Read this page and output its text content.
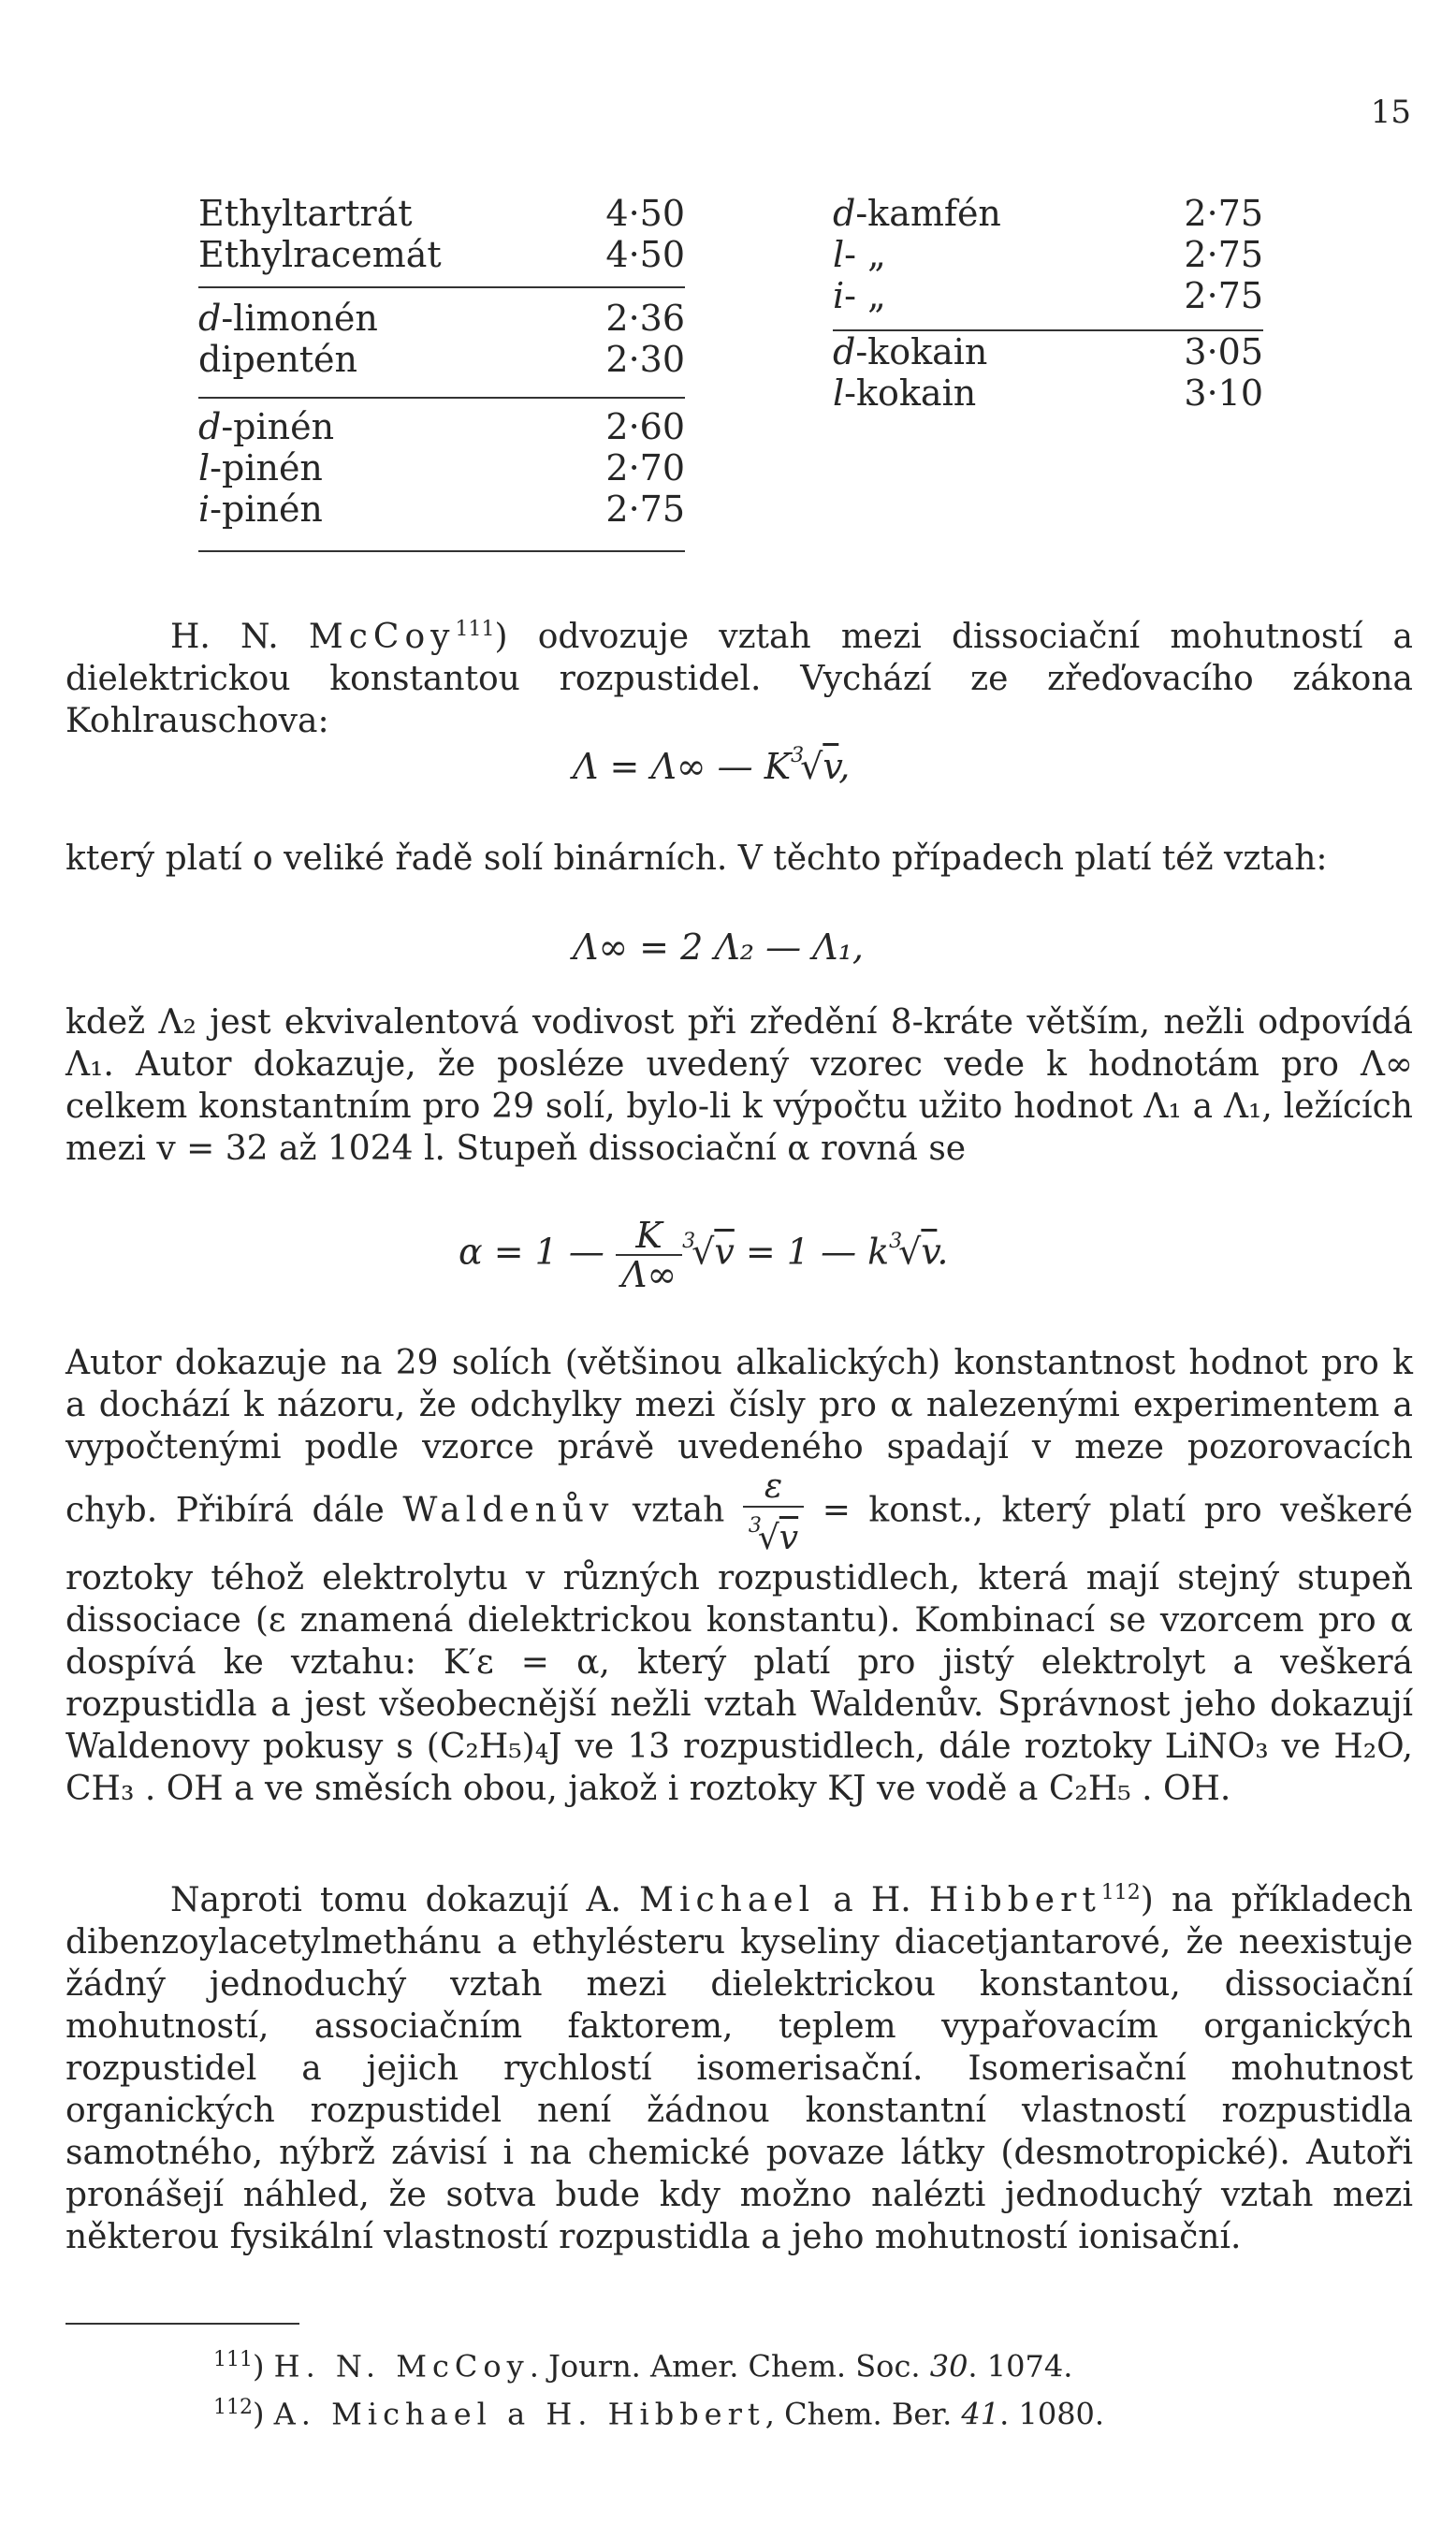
15
Ethyltartrát	4·50
Ethylracemát	4·50
d-limonén	2·36
dipentén	2·30
d-pinén	2·60
l-pinén	2·70
i-pinén	2·75
d-kamfén	2·75
l- „	2·75
i- „	2·75
d-kokain	3·05
l-kokain	3·10

H. N. McCoy$^{111}$) odvozuje vztah mezi dissociační mohutností a dielektrickou konstantou rozpustidel. Vychází ze zřeďovacího zákona Kohlrauschova:

Λ = Λ∞ — $K^3√v$,

který platí o veliké řadě solí binárních. V těchto případech platí též vztah:

Λ∞ = 2 Λ₂ — Λ₁,

kdež Λ₂ jest ekvivalentová vodivost při zředění 8-kráte větším, nežli odpovídá Λ₁. Autor dokazuje, že posléze uvedený vzorec vede k hodnotám pro Λ∞ celkem konstantním pro 29 solí, bylo-li k výpočtu užito hodnot Λ₁ a Λ₁, ležících mezi v = 32 až 1024 l. Stupeň dissociační α rovná se

α = 1 — $\frac{K}{\Lambda\infty} ^3√v = 1$ — $k^3√v$.

Autor dokazuje na 29 solích (většinou alkalických) konstantnost hodnot pro k a dochází k názoru, že odchylky mezi čísly pro α nalezenými experimentem a vypočtenými podle vzorce právě uvedeného spadají v meze pozorovacích chyb. Přibírá dále Waldenův vztah $\frac{\varepsilon}{^3√v}$ = konst., který platí pro veškeré roztoky téhož elektrolytu v různých rozpustidlech, která mají stejný stupeň dissociace (ε znamená dielektrickou konstantu). Kombinací se vzorcem pro α dospívá ke vztahu: K′ε = α, který platí pro jistý elektrolyt a veškerá rozpustidla a jest všeobecnější nežli vztah Waldenův. Správnost jeho dokazují Waldenovy pokusy s (C₂H₅)₄J ve 13 rozpustidlech, dále roztoky LiNO₃ ve H₂O, CH₃ . OH a ve směsích obou, jakož i roztoky KJ ve vodě a C₂H₅ . OH.

Naproti tomu dokazují A. Michael a H. Hibbert$^{112}$) na příkladech dibenzoylacetylmethánu a ethylésteru kyseliny diacetjantarové, že neexistuje žádný jednoduchý vztah mezi dielektrickou konstantou, dissociační mohutností, associačním faktorem, teplem vypařovacím organických rozpustidel a jejich rychlostí isomerisační. Isomerisační mohutnost organických rozpustidel není žádnou konstantní vlastností rozpustidla samotného, nýbrž závisí i na chemické povaze látky (desmotropické). Autoři pronášejí náhled, že sotva bude kdy možno nalézti jednoduchý vztah mezi některou fysikální vlastností rozpustidla a jeho mohutností ionisační.

$^{111}$) H. N. McCoy. Journ. Amer. Chem. Soc. 30. 1074.
$^{112}$) A. Michael a H. Hibbert, Chem. Ber. 41. 1080.
